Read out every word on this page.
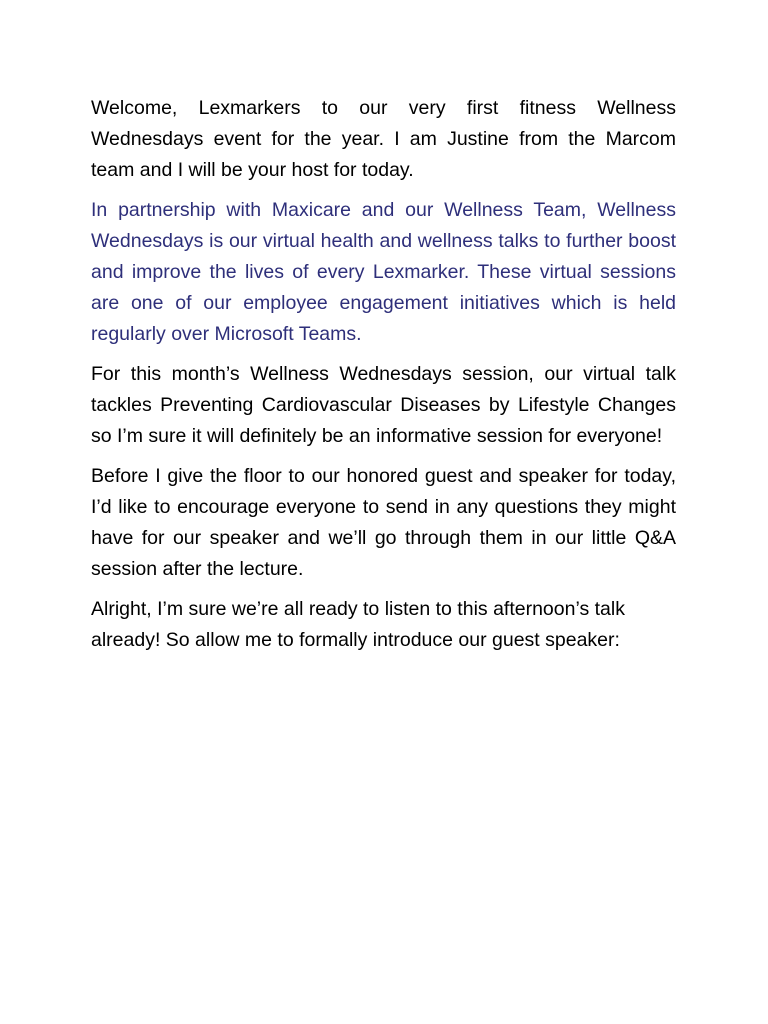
Welcome, Lexmarkers to our very first fitness Wellness Wednesdays event for the year. I am Justine from the Marcom team and I will be your host for today.

In partnership with Maxicare and our Wellness Team, Wellness Wednesdays is our virtual health and wellness talks to further boost and improve the lives of every Lexmarker. These virtual sessions are one of our employee engagement initiatives which is held regularly over Microsoft Teams.

For this month’s Wellness Wednesdays session, our virtual talk tackles Preventing Cardiovascular Diseases by Lifestyle Changes so I’m sure it will definitely be an informative session for everyone!

Before I give the floor to our honored guest and speaker for today, I’d like to encourage everyone to send in any questions they might have for our speaker and we’ll go through them in our little Q&A session after the lecture.

Alright, I’m sure we’re all ready to listen to this afternoon’s talk already! So allow me to formally introduce our guest speaker:
